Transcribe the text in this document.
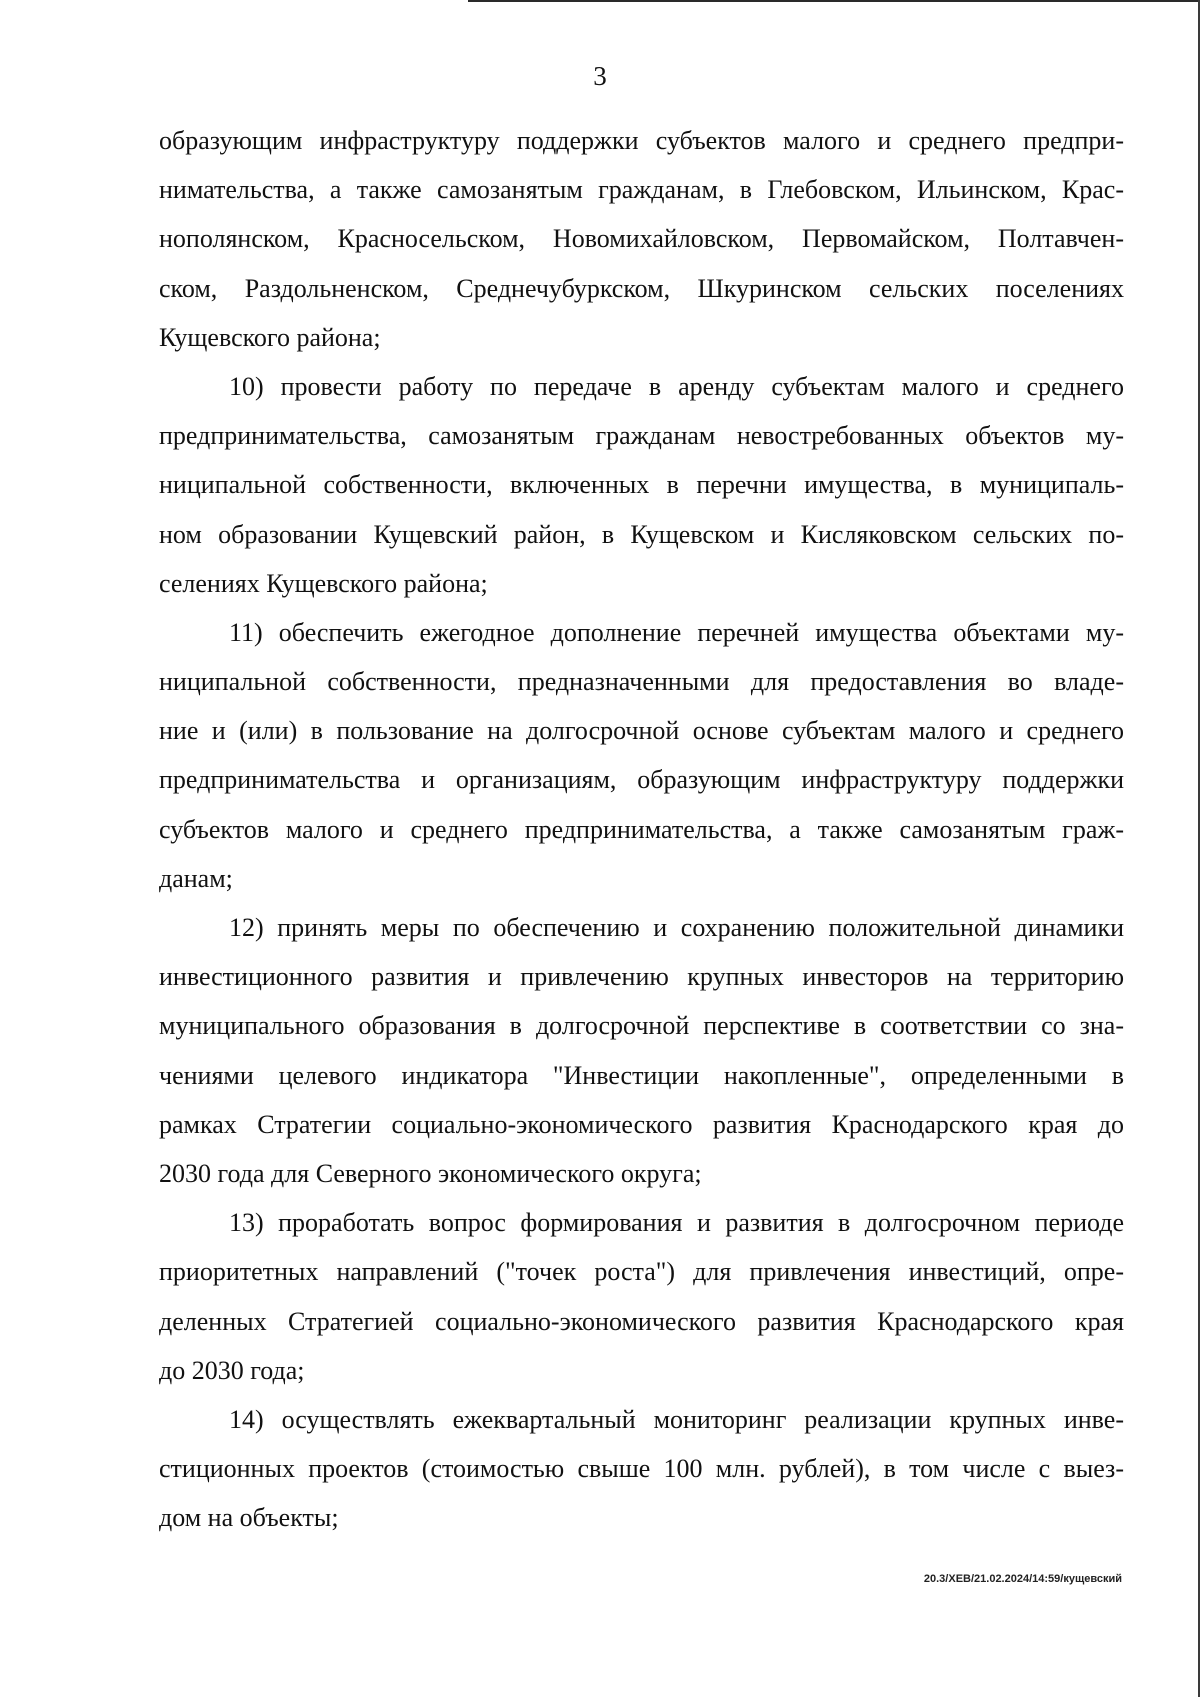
3
образующим инфраструктуру поддержки субъектов малого и среднего предпри-
нимательства, а также самозанятым гражданам, в Глебовском, Ильинском, Крас-
нополянском, Красносельском, Новомихайловском, Первомайском, Полтавчен-
ском, Раздольненском, Среднечубуркском, Шкуринском сельских поселениях
Кущевского района;
10) провести работу по передаче в аренду субъектам малого и среднего
предпринимательства, самозанятым гражданам невостребованных объектов му-
ниципальной собственности, включенных в перечни имущества, в муниципаль-
ном образовании Кущевский район, в Кущевском и Кисляковском сельских по-
селениях Кущевского района;
11) обеспечить ежегодное дополнение перечней имущества объектами му-
ниципальной собственности, предназначенными для предоставления во владе-
ние и (или) в пользование на долгосрочной основе субъектам малого и среднего
предпринимательства и организациям, образующим инфраструктуру поддержки
субъектов малого и среднего предпринимательства, а также самозанятым граж-
данам;
12) принять меры по обеспечению и сохранению положительной динамики
инвестиционного развития и привлечению крупных инвесторов на территорию
муниципального образования в долгосрочной перспективе в соответствии со зна-
чениями целевого индикатора "Инвестиции накопленные", определенными в
рамках Стратегии социально-экономического развития Краснодарского края до
2030 года для Северного экономического округа;
13) проработать вопрос формирования и развития в долгосрочном периоде
приоритетных направлений ("точек роста") для привлечения инвестиций, опре-
деленных Стратегией социально-экономического развития Краснодарского края
до 2030 года;
14) осуществлять ежеквартальный мониторинг реализации крупных инве-
стиционных проектов (стоимостью свыше 100 млн. рублей), в том числе с выез-
дом на объекты;
20.3/XEB/21.02.2024/14:59/кущевский
